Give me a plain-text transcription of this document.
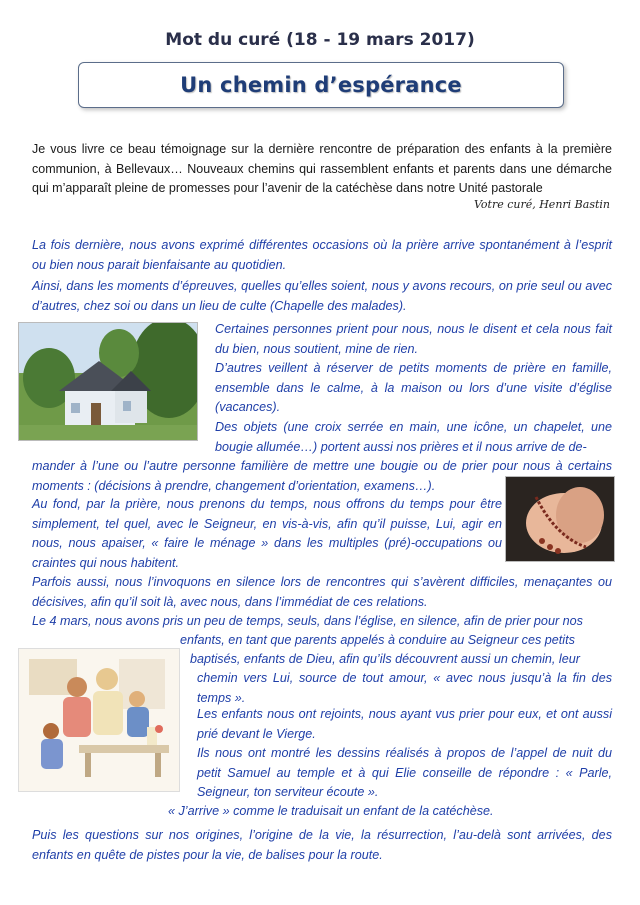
Mot du curé (18 - 19 mars 2017)
Un chemin d’espérance
Je vous livre ce beau témoignage sur la dernière rencontre de préparation des enfants à la première communion, à Bellevaux… Nouveaux chemins qui rassemblent enfants et parents dans une démarche qui m’apparaît pleine de promesses pour l’avenir de la catéchèse dans notre Unité pastorale
Votre curé, Henri Bastin

La fois dernière, nous avons exprimé différentes occasions où la prière arrive spontanément à l’esprit ou bien nous parait bienfaisante au quotidien.

Ainsi, dans les moments d’épreuves, quelles qu’elles soient, nous y avons recours, on prie seul ou avec d’autres, chez soi ou dans un lieu de culte (Chapelle des malades).

Certaines personnes prient pour nous, nous le disent et cela nous fait du bien, nous soutient, mine de rien.

D’autres veillent à réserver de petits moments de prière en famille, ensemble dans le calme, à la maison ou lors d’une visite d’église (vacances).

Des objets (une croix serrée en main, une icône, un chapelet, une bougie allumée…) portent aussi nos prières et il nous arrive de de-

mander à l’une ou l’autre personne familière de mettre une bougie ou de prier pour nous à certains moments : (décisions à prendre, changement d’orientation, examens…).

Au fond, par la prière, nous prenons du temps, nous offrons du temps pour être simplement, tel quel, avec le Seigneur, en vis-à-vis, afin qu’il puisse, Lui, agir en nous, nous apaiser, « faire le ménage » dans les multiples (pré)-occupations ou craintes qui nous habitent.

Parfois aussi, nous l’invoquons en silence lors de rencontres qui s’avèrent difficiles, menaçantes ou décisives, afin qu’il soit là, avec nous, dans l’immédiat de ces relations.

Le 4 mars, nous avons pris un peu de temps, seuls, dans l’église, en silence, afin de prier pour nos

enfants, en tant que parents appelés à conduire au Seigneur ces petits

baptisés, enfants de Dieu, afin qu’ils découvrent aussi un chemin, leur

chemin vers Lui, source de tout amour, « avec nous jusqu’à la fin des temps ».

Les enfants nous ont rejoints, nous ayant vus prier pour eux, et ont aussi prié devant le Vierge.

Ils nous ont montré les dessins réalisés à propos de l’appel de nuit du petit Samuel au temple et à qui Elie conseille de répondre : « Parle, Seigneur, ton serviteur écoute ».

« J’arrive » comme le traduisait un enfant de la catéchèse.

Puis les questions sur nos origines, l’origine de la vie, la résurrection, l’au-delà sont arrivées, des enfants en quête de pistes pour la vie, de balises pour la route.
